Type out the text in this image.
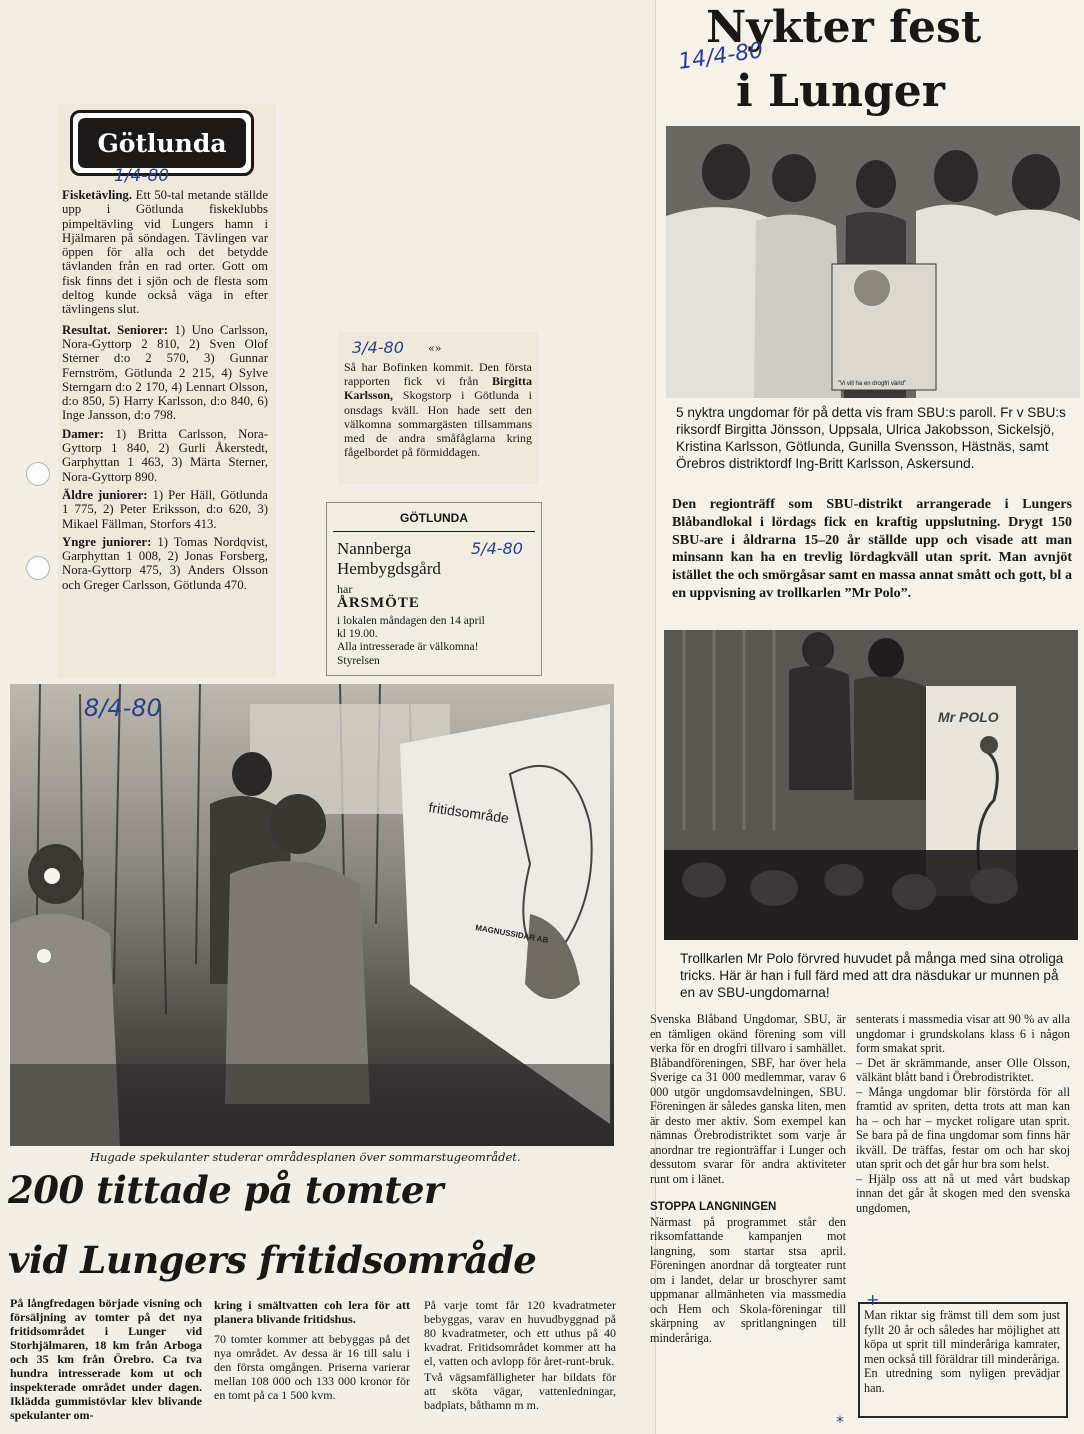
Götlunda
1/4-80

Fisketävling. Ett 50-tal metande ställde upp i Götlunda fiskeklubbs pimpeltävling vid Lungers hamn i Hjälmaren på söndagen. Tävlingen var öppen för alla och det betydde tävlanden från en rad orter. Gott om fisk finns det i sjön och de flesta som deltog kunde också väga in efter tävlingens slut.

Resultat. Seniorer: 1) Uno Carlsson, Nora-Gyttorp 2 810, 2) Sven Olof Sterner d:o 2 570, 3) Gunnar Fernström, Götlunda 2 215, 4) Sylve Sterngarn d:o 2 170, 4) Lennart Olsson, d:o 850, 5) Harry Karlsson, d:o 840, 6) Inge Jansson, d:o 798.

Damer: 1) Britta Carlsson, Nora-Gyttorp 1 840, 2) Gurli Åkerstedt, Garphyttan 1 463, 3) Märta Sterner, Nora-Gyttorp 890.

Äldre juniorer: 1) Per Häll, Götlunda 1 775, 2) Peter Eriksson, d:o 620, 3) Mikael Fällman, Storfors 413.

Yngre juniorer: 1) Tomas Nordqvist, Garphyttan 1 008, 2) Jonas Forsberg, Nora-Gyttorp 475, 3) Anders Olsson och Greger Carlsson, Götlunda 470.

3/4-80 «»
Så har Bofinken kommit. Den första rapporten fick vi från Birgitta Karlsson, Skogstorp i Götlunda i onsdags kväll. Hon hade sett den välkomna sommargästen tillsammans med de andra småfåglarna kring fågelbordet på förmiddagen.
GÖTLUNDA
Nannberga
Hembygdsgård
har
ÅRSMÖTE
i lokalen måndagen den 14 april
kl 19.00.
Alla intresserade är välkomna!
Styrelsen
5/4-80
fritidsområde
MAGNUSSIDAR AB
8/4-80
Hugade spekulanter studerar områdesplanen över sommarstugeområdet.
200 tittade på tomter
vid Lungers fritidsområde
På långfredagen började visning och försäljning av tomter på det nya fritidsområdet i Lunger vid Storhjälmaren, 18 km från Arboga och 35 km från Örebro. Ca tva hundra intresserade kom ut och inspekterade området under dagen. Iklädda gummistövlar klev blivande spekulanter om-

kring i smältvatten coh lera för att planera blivande fritidshus.

70 tomter kommer att bebyggas på det nya området. Av dessa är 16 till salu i den första omgången. Priserna varierar mellan 108 000 och 133 000 kronor för en tomt på ca 1 500 kvm.

På varje tomt får 120 kvadratmeter bebyggas, varav en huvudbyggnad på 80 kvadratmeter, och ett uthus på 40 kvadrat. Fritidsområdet kommer att ha el, vatten och avlopp för året-runt-bruk.

Två vägsamfälligheter har bildats för att sköta vägar, vattenledningar, badplats, båthamn m m.

Nykter fest
i Lunger
14/4-80
”Vi vill ha en drogfri värld”
5 nyktra ungdomar för på detta vis fram SBU:s paroll. Fr v SBU:s riksordf Birgitta Jönsson, Uppsala, Ulrica Jakobsson, Sickelsjö, Kristina Karlsson, Götlunda, Gunilla Svensson, Hästnäs, samt Örebros distriktordf Ing-Britt Karlsson, Askersund.
Den regionträff som SBU-distrikt arrangerade i Lungers Blåbandlokal i lördags fick en kraftig uppslutning. Drygt 150 SBU-are i åldrarna 15–20 år ställde upp och visade att man minsann kan ha en trevlig lördagkväll utan sprit. Man avnjöt istället the och smörgåsar samt en massa annat smått och gott, bl a en uppvisning av trollkarlen ”Mr Polo”.
Mr POLO
Trollkarlen Mr Polo förvred huvudet på många med sina otroliga tricks. Här är han i full färd med att dra näsdukar ur munnen på en av SBU-ungdomarna!

Svenska Blåband Ungdomar, SBU, är en tämligen okänd förening som vill verka för en drogfri tillvaro i samhället. Blåbandföreningen, SBF, har över hela Sverige ca 31 000 medlemmar, varav 6 000 utgör ungdomsavdelningen, SBU. Föreningen är således ganska liten, men är desto mer aktiv. Som exempel kan nämnas Örebrodistriktet som varje år anordnar tre regionträffar i Lunger och dessutom svarar för andra aktiviteter runt om i länet.

STOPPA LANGNINGEN

Närmast på programmet står den riksomfattande kampanjen mot langning, som startar stsa april. Föreningen anordnar då torgteater runt om i landet, delar ur broschyrer samt uppmanar allmänheten via massmedia och Hem och Skola-föreningar till skärpning av spritlangningen till minderåriga.

senterats i massmedia visar att 90 % av alla ungdomar i grundskolans klass 6 i någon form smakat sprit.

– Det är skrämmande, anser Olle Olsson, välkänt blått band i Örebrodistriktet.

– Många ungdomar blir förstörda för all framtid av spriten, detta trots att man kan ha – och har – mycket roligare utan sprit. Se bara på de fina ungdomar som finns här ikväll. De träffas, festar om och har skoj utan sprit och det går hur bra som helst.

– Hjälp oss att nå ut med vårt budskap innan det går åt skogen med den svenska ungdomen,

Man riktar sig främst till dem som just fyllt 20 år och således har möjlighet att köpa ut sprit till minderåriga kamrater, men också till föräldrar till minderåriga.

En utredning som nyligen prevädjar han.

+
*
